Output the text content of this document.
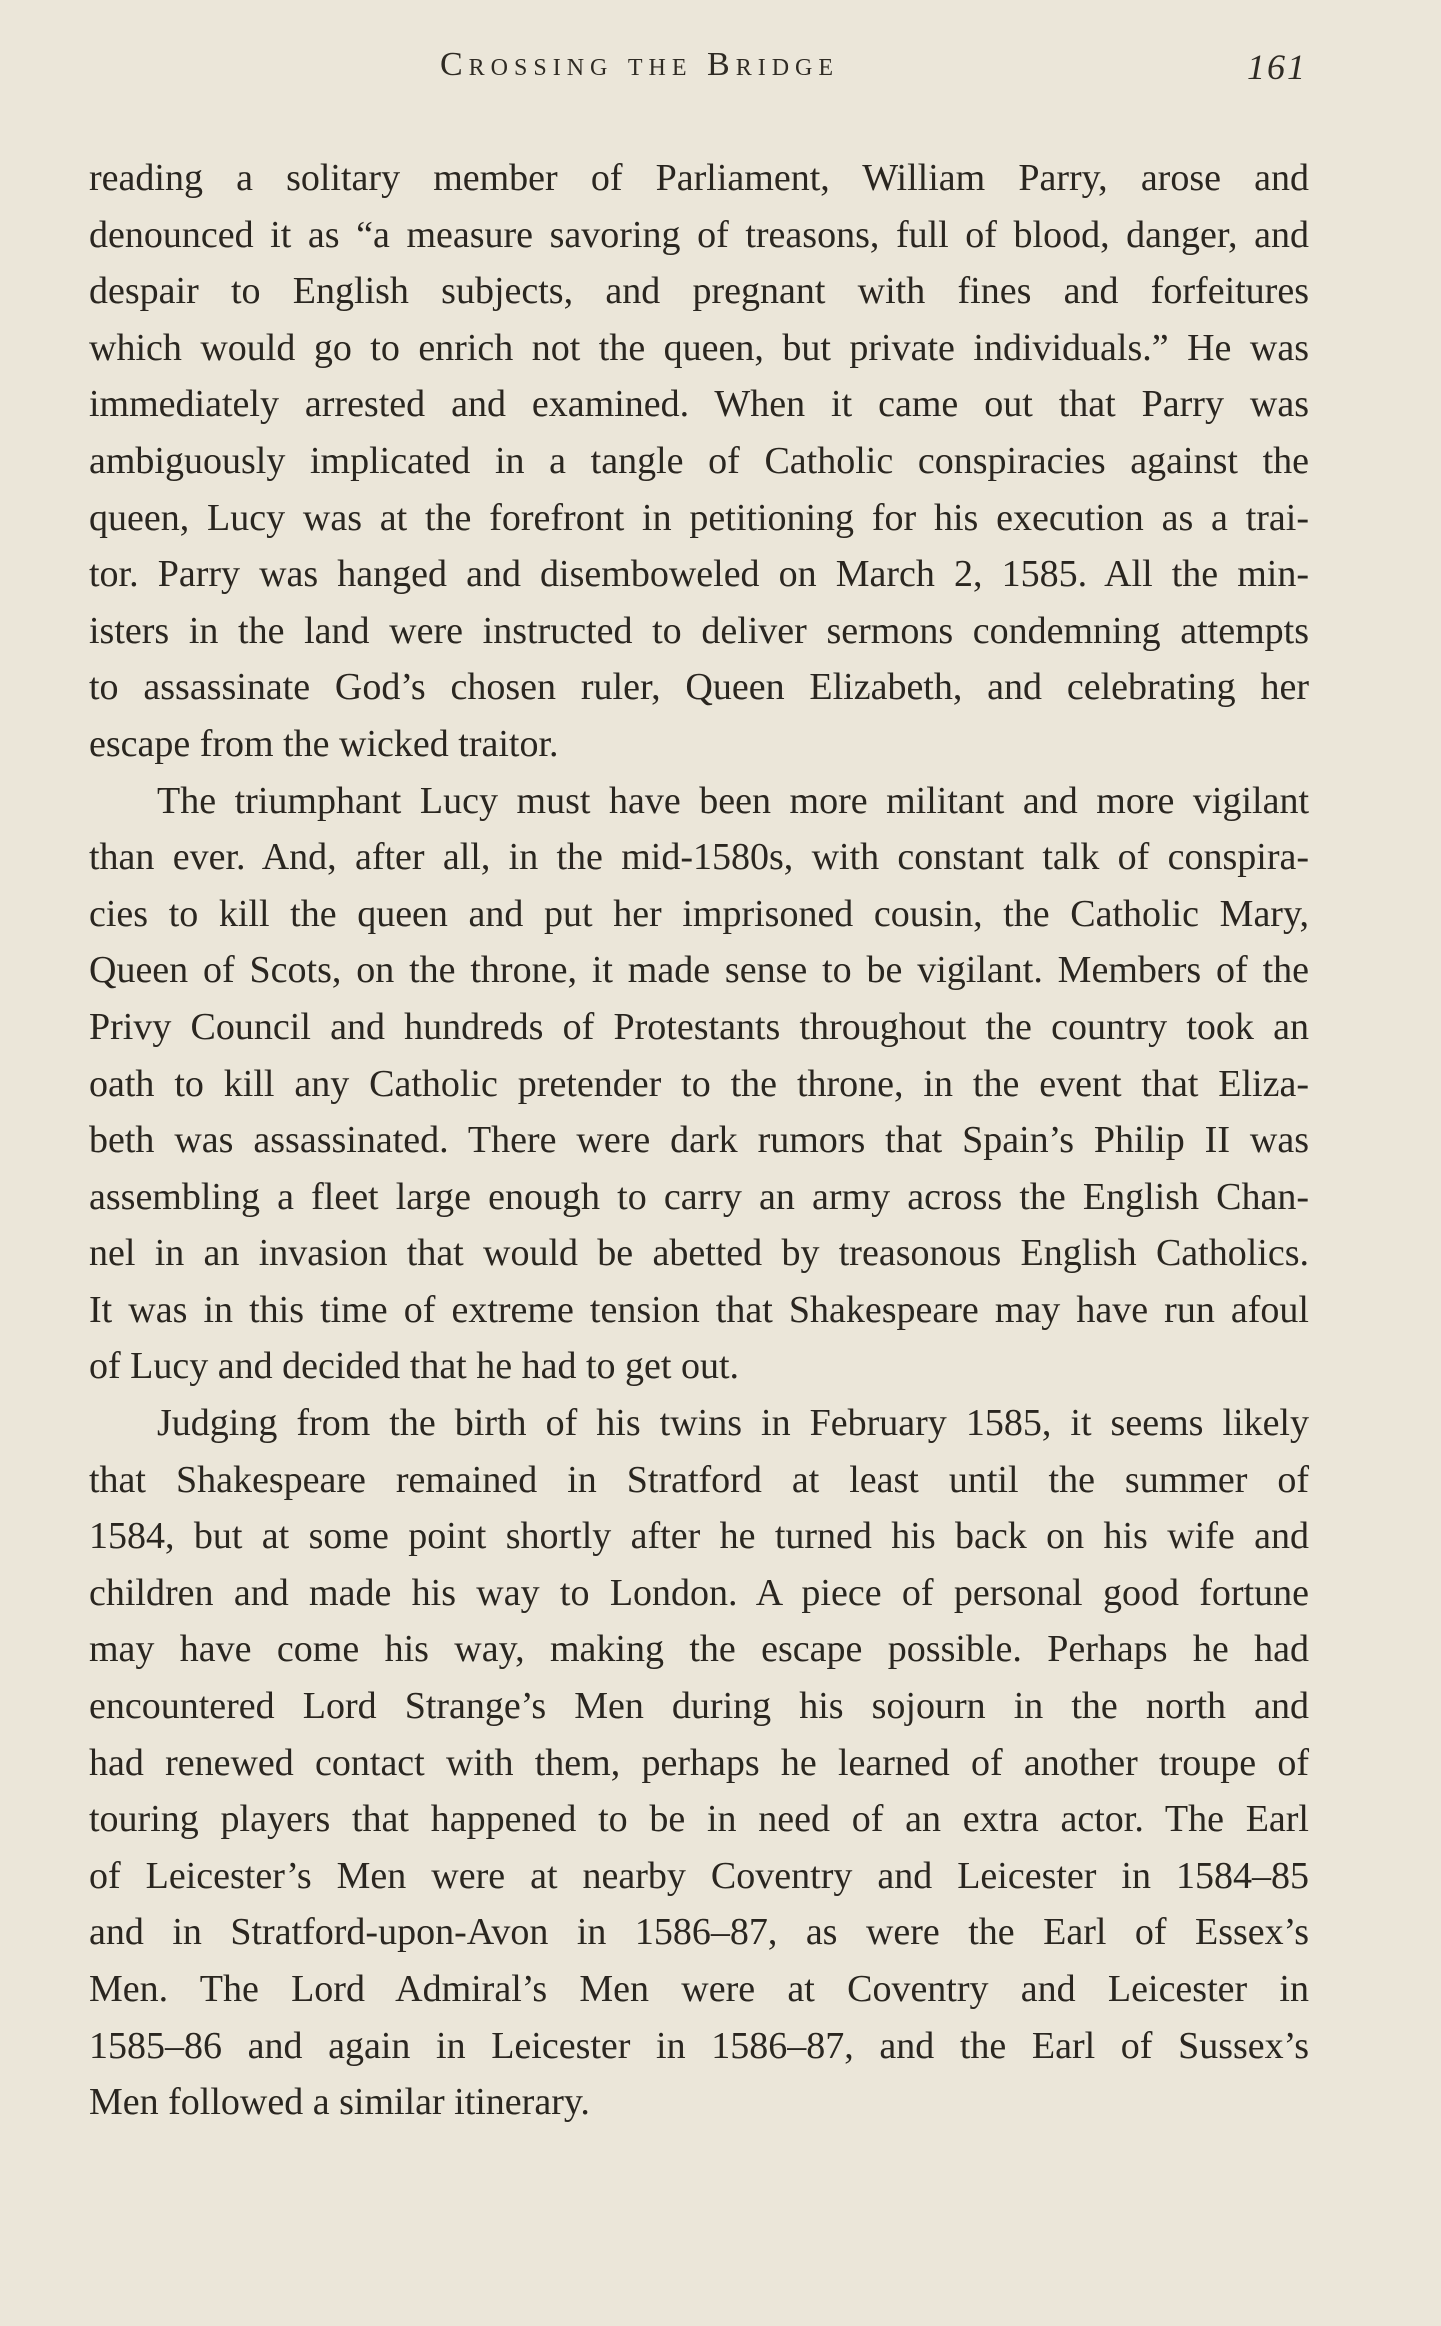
Crossing the Bridge	161
reading a solitary member of Parliament, William Parry, arose and
denounced it as “a measure savoring of treasons, full of blood, danger, and
despair to English subjects, and pregnant with fines and forfeitures
which would go to enrich not the queen, but private individuals.” He was
immediately arrested and examined. When it came out that Parry was
ambiguously implicated in a tangle of Catholic conspiracies against the
queen, Lucy was at the forefront in petitioning for his execution as a trai-
tor. Parry was hanged and disemboweled on March 2, 1585. All the min-
isters in the land were instructed to deliver sermons condemning attempts
to assassinate God’s chosen ruler, Queen Elizabeth, and celebrating her
escape from the wicked traitor.
The triumphant Lucy must have been more militant and more vigilant
than ever. And, after all, in the mid-1580s, with constant talk of conspira-
cies to kill the queen and put her imprisoned cousin, the Catholic Mary,
Queen of Scots, on the throne, it made sense to be vigilant. Members of the
Privy Council and hundreds of Protestants throughout the country took an
oath to kill any Catholic pretender to the throne, in the event that Eliza-
beth was assassinated. There were dark rumors that Spain’s Philip II was
assembling a fleet large enough to carry an army across the English Chan-
nel in an invasion that would be abetted by treasonous English Catholics.
It was in this time of extreme tension that Shakespeare may have run afoul
of Lucy and decided that he had to get out.
Judging from the birth of his twins in February 1585, it seems likely
that Shakespeare remained in Stratford at least until the summer of
1584, but at some point shortly after he turned his back on his wife and
children and made his way to London. A piece of personal good fortune
may have come his way, making the escape possible. Perhaps he had
encountered Lord Strange’s Men during his sojourn in the north and
had renewed contact with them, perhaps he learned of another troupe of
touring players that happened to be in need of an extra actor. The Earl
of Leicester’s Men were at nearby Coventry and Leicester in 1584–85
and in Stratford-upon-Avon in 1586–87, as were the Earl of Essex’s
Men. The Lord Admiral’s Men were at Coventry and Leicester in
1585–86 and again in Leicester in 1586–87, and the Earl of Sussex’s
Men followed a similar itinerary.
